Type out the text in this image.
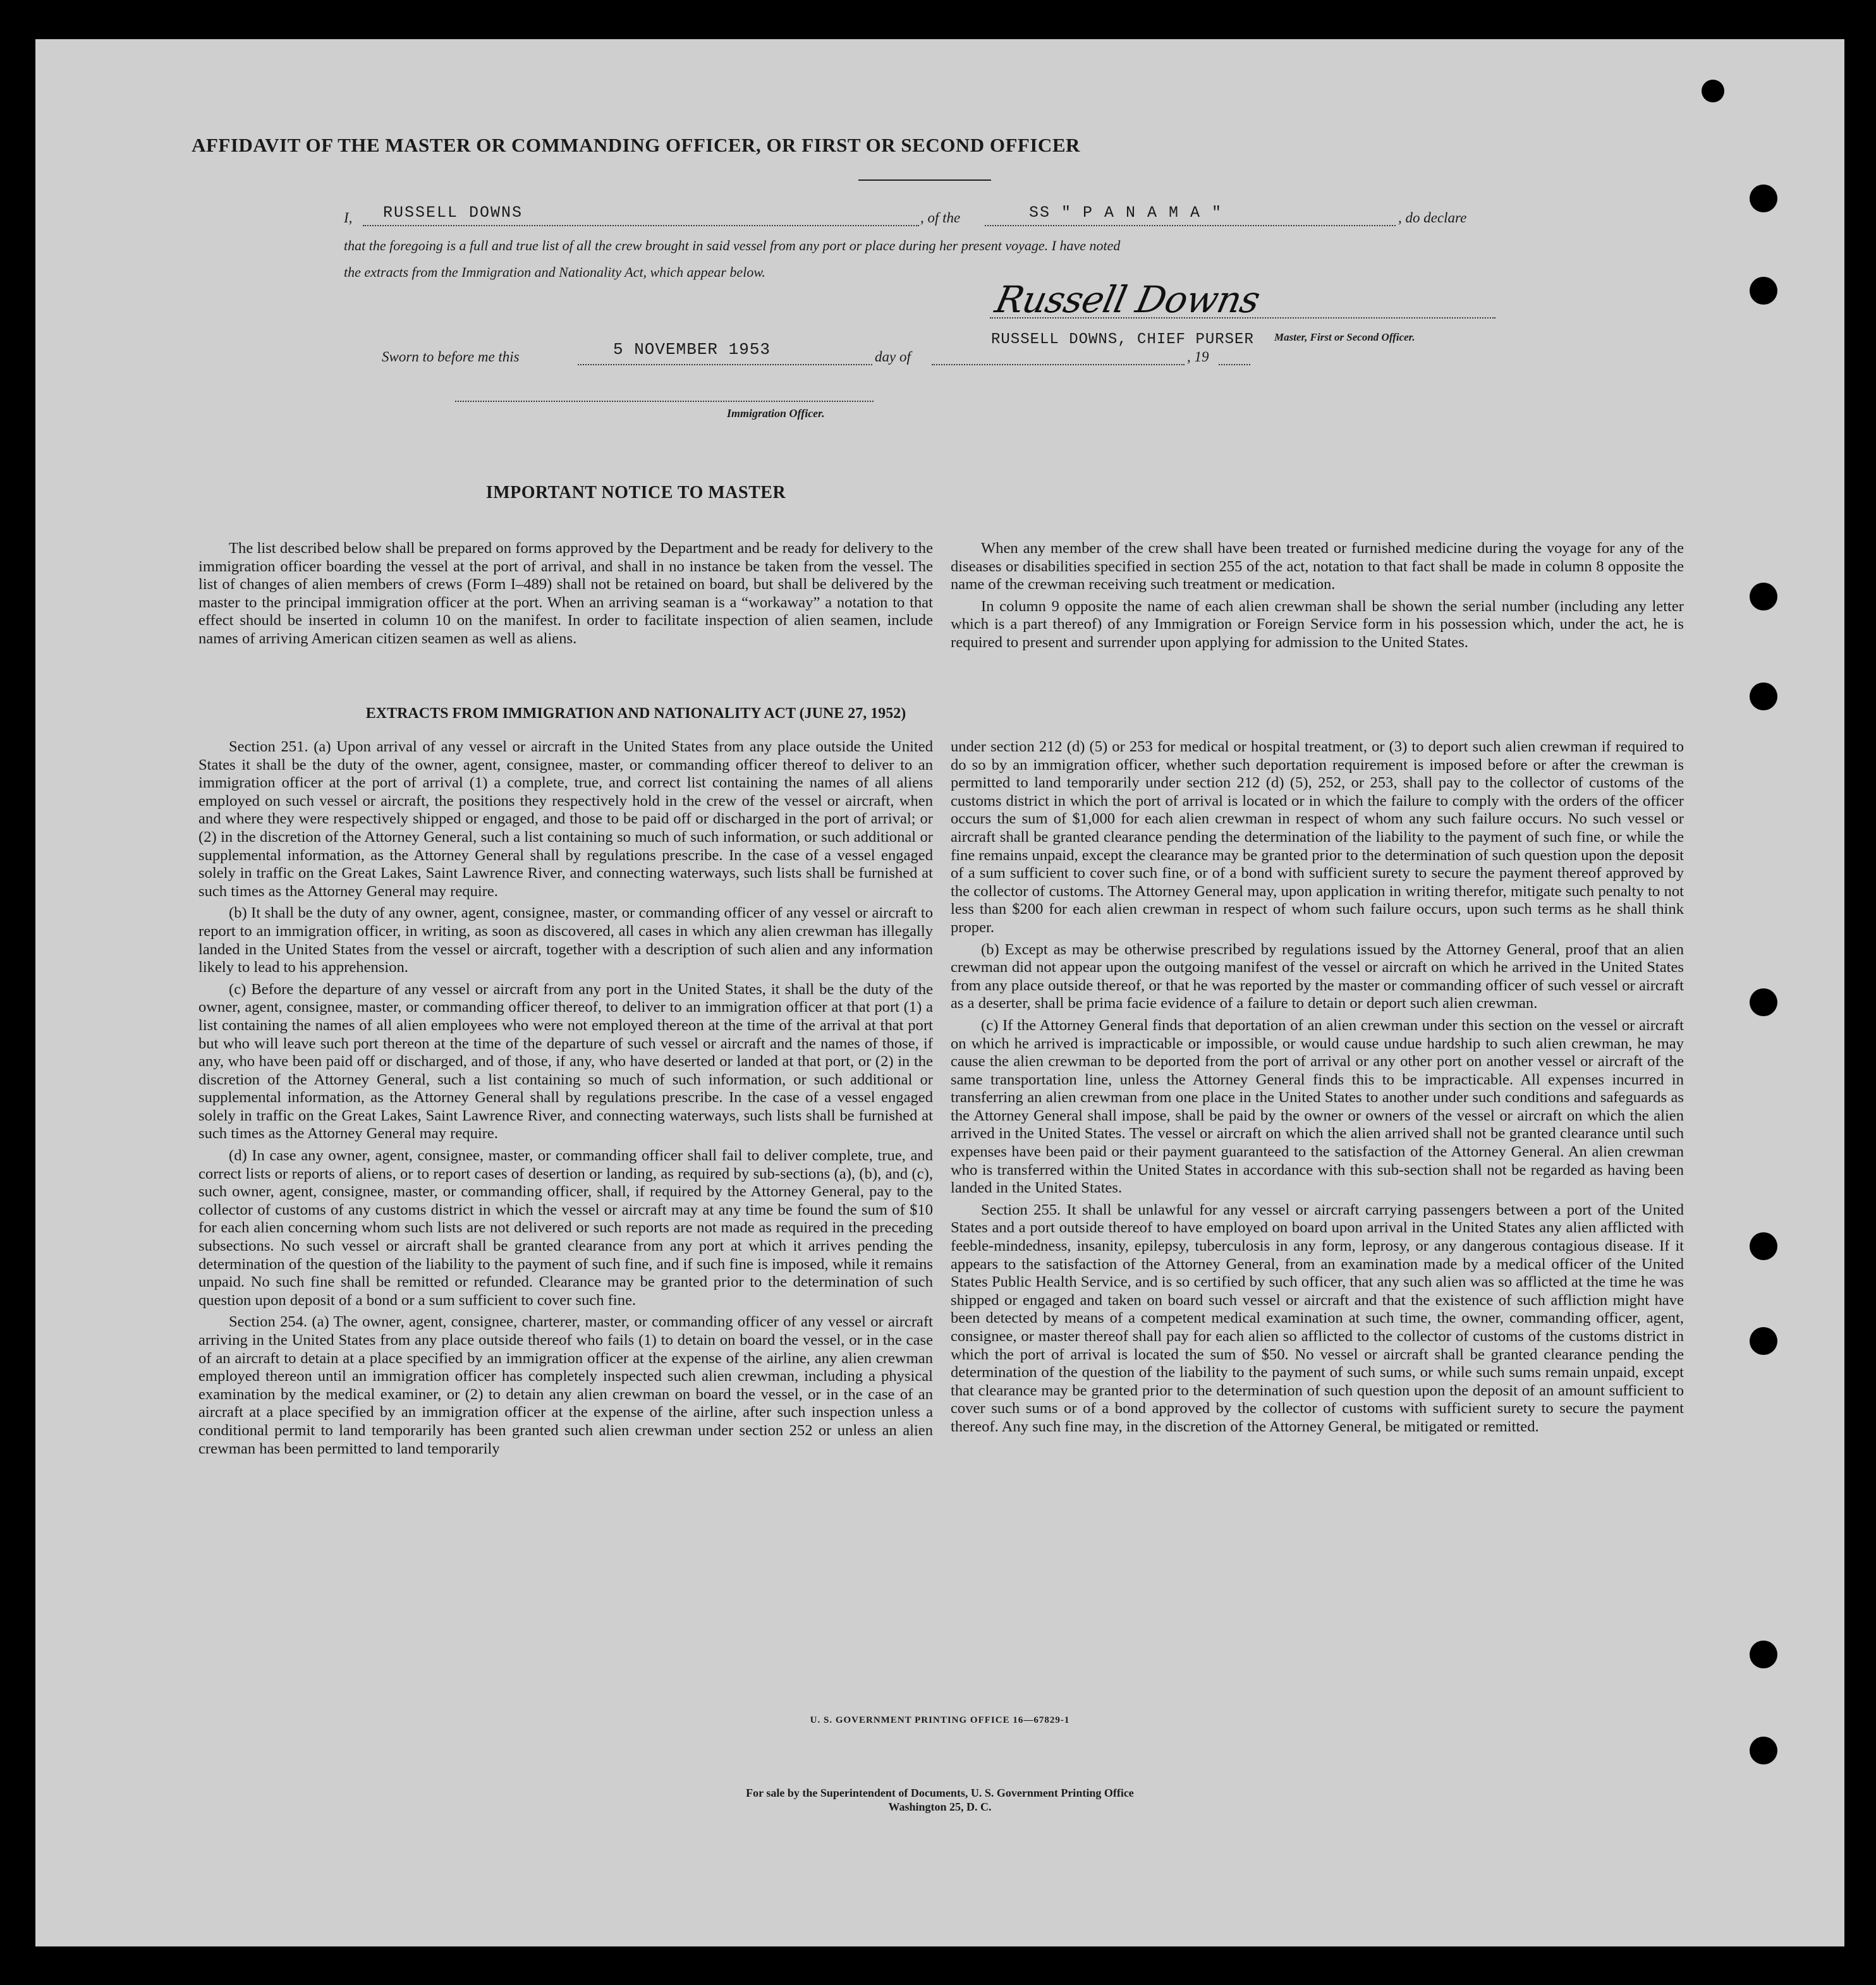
AFFIDAVIT OF THE MASTER OR COMMANDING OFFICER, OR FIRST OR SECOND OFFICER
I, RUSSELL DOWNS	, of the	SS " P A N A M A "	, do declare
that the foregoing is a full and true list of all the crew brought in said vessel from any port or place during her present voyage. I have noted
the extracts from the Immigration and Nationality Act, which appear below.
Russell Downs
RUSSELL DOWNS, CHIEF PURSER Master, First or Second Officer.
Sworn to before me this	5 NOVEMBER 1953	day of	, 19
Immigration Officer.
IMPORTANT NOTICE TO MASTER

The list described below shall be prepared on forms approved by the Department and be ready for delivery to the immigration officer boarding the vessel at the port of arrival, and shall in no instance be taken from the vessel. The list of changes of alien members of crews (Form I–489) shall not be retained on board, but shall be delivered by the master to the principal immigration officer at the port. When an arriving seaman is a “workaway” a notation to that effect should be inserted in column 10 on the manifest. In order to facilitate inspection of alien seamen, include names of arriving American citizen seamen as well as aliens.

When any member of the crew shall have been treated or furnished medicine during the voyage for any of the diseases or disabilities specified in section 255 of the act, notation to that fact shall be made in column 8 opposite the name of the crewman receiving such treatment or medication.

In column 9 opposite the name of each alien crewman shall be shown the serial number (including any letter which is a part thereof) of any Immigration or Foreign Service form in his possession which, under the act, he is required to present and surrender upon applying for admission to the United States.

EXTRACTS FROM IMMIGRATION AND NATIONALITY ACT (JUNE 27, 1952)

Section 251. (a) Upon arrival of any vessel or aircraft in the United States from any place outside the United States it shall be the duty of the owner, agent, consignee, master, or commanding officer thereof to deliver to an immigration officer at the port of arrival (1) a complete, true, and correct list containing the names of all aliens employed on such vessel or aircraft, the positions they respectively hold in the crew of the vessel or aircraft, when and where they were respectively shipped or engaged, and those to be paid off or discharged in the port of arrival; or (2) in the discretion of the Attorney General, such a list containing so much of such information, or such additional or supplemental information, as the Attorney General shall by regulations prescribe. In the case of a vessel engaged solely in traffic on the Great Lakes, Saint Lawrence River, and connecting waterways, such lists shall be furnished at such times as the Attorney General may require.

(b) It shall be the duty of any owner, agent, consignee, master, or commanding officer of any vessel or aircraft to report to an immigration officer, in writing, as soon as discovered, all cases in which any alien crewman has illegally landed in the United States from the vessel or aircraft, together with a description of such alien and any information likely to lead to his apprehension.

(c) Before the departure of any vessel or aircraft from any port in the United States, it shall be the duty of the owner, agent, consignee, master, or commanding officer thereof, to deliver to an immigration officer at that port (1) a list containing the names of all alien employees who were not employed thereon at the time of the arrival at that port but who will leave such port thereon at the time of the departure of such vessel or aircraft and the names of those, if any, who have been paid off or discharged, and of those, if any, who have deserted or landed at that port, or (2) in the discretion of the Attorney General, such a list containing so much of such information, or such additional or supplemental information, as the Attorney General shall by regulations prescribe. In the case of a vessel engaged solely in traffic on the Great Lakes, Saint Lawrence River, and connecting waterways, such lists shall be furnished at such times as the Attorney General may require.

(d) In case any owner, agent, consignee, master, or commanding officer shall fail to deliver complete, true, and correct lists or reports of aliens, or to report cases of desertion or landing, as required by sub-sections (a), (b), and (c), such owner, agent, consignee, master, or commanding officer, shall, if required by the Attorney General, pay to the collector of customs of any customs district in which the vessel or aircraft may at any time be found the sum of $10 for each alien concerning whom such lists are not delivered or such reports are not made as required in the preceding subsections. No such vessel or aircraft shall be granted clearance from any port at which it arrives pending the determination of the question of the liability to the payment of such fine, and if such fine is imposed, while it remains unpaid. No such fine shall be remitted or refunded. Clearance may be granted prior to the determination of such question upon deposit of a bond or a sum sufficient to cover such fine.

Section 254. (a) The owner, agent, consignee, charterer, master, or commanding officer of any vessel or aircraft arriving in the United States from any place outside thereof who fails (1) to detain on board the vessel, or in the case of an aircraft to detain at a place specified by an immigration officer at the expense of the airline, any alien crewman employed thereon until an immigration officer has completely inspected such alien crewman, including a physical examination by the medical examiner, or (2) to detain any alien crewman on board the vessel, or in the case of an aircraft at a place specified by an immigration officer at the expense of the airline, after such inspection unless a conditional permit to land temporarily has been granted such alien crewman under section 252 or unless an alien crewman has been permitted to land temporarily

under section 212 (d) (5) or 253 for medical or hospital treatment, or (3) to deport such alien crewman if required to do so by an immigration officer, whether such deportation requirement is imposed before or after the crewman is permitted to land temporarily under section 212 (d) (5), 252, or 253, shall pay to the collector of customs of the customs district in which the port of arrival is located or in which the failure to comply with the orders of the officer occurs the sum of $1,000 for each alien crewman in respect of whom any such failure occurs. No such vessel or aircraft shall be granted clearance pending the determination of the liability to the payment of such fine, or while the fine remains unpaid, except the clearance may be granted prior to the determination of such question upon the deposit of a sum sufficient to cover such fine, or of a bond with sufficient surety to secure the payment thereof approved by the collector of customs. The Attorney General may, upon application in writing therefor, mitigate such penalty to not less than $200 for each alien crewman in respect of whom such failure occurs, upon such terms as he shall think proper.

(b) Except as may be otherwise prescribed by regulations issued by the Attorney General, proof that an alien crewman did not appear upon the outgoing manifest of the vessel or aircraft on which he arrived in the United States from any place outside thereof, or that he was reported by the master or commanding officer of such vessel or aircraft as a deserter, shall be prima facie evidence of a failure to detain or deport such alien crewman.

(c) If the Attorney General finds that deportation of an alien crewman under this section on the vessel or aircraft on which he arrived is impracticable or impossible, or would cause undue hardship to such alien crewman, he may cause the alien crewman to be deported from the port of arrival or any other port on another vessel or aircraft of the same transportation line, unless the Attorney General finds this to be impracticable. All expenses incurred in transferring an alien crewman from one place in the United States to another under such conditions and safeguards as the Attorney General shall impose, shall be paid by the owner or owners of the vessel or aircraft on which the alien arrived in the United States. The vessel or aircraft on which the alien arrived shall not be granted clearance until such expenses have been paid or their payment guaranteed to the satisfaction of the Attorney General. An alien crewman who is transferred within the United States in accordance with this sub-section shall not be regarded as having been landed in the United States.

Section 255. It shall be unlawful for any vessel or aircraft carrying passengers between a port of the United States and a port outside thereof to have employed on board upon arrival in the United States any alien afflicted with feeble-mindedness, insanity, epilepsy, tuberculosis in any form, leprosy, or any dangerous contagious disease. If it appears to the satisfaction of the Attorney General, from an examination made by a medical officer of the United States Public Health Service, and is so certified by such officer, that any such alien was so afflicted at the time he was shipped or engaged and taken on board such vessel or aircraft and that the existence of such affliction might have been detected by means of a competent medical examination at such time, the owner, commanding officer, agent, consignee, or master thereof shall pay for each alien so afflicted to the collector of customs of the customs district in which the port of arrival is located the sum of $50. No vessel or aircraft shall be granted clearance pending the determination of the question of the liability to the payment of such sums, or while such sums remain unpaid, except that clearance may be granted prior to the determination of such question upon the deposit of an amount sufficient to cover such sums or of a bond approved by the collector of customs with sufficient surety to secure the payment thereof. Any such fine may, in the discretion of the Attorney General, be mitigated or remitted.

U. S. GOVERNMENT PRINTING OFFICE 16—67829-1
For sale by the Superintendent of Documents, U. S. Government Printing Office
Washington 25, D. C.
